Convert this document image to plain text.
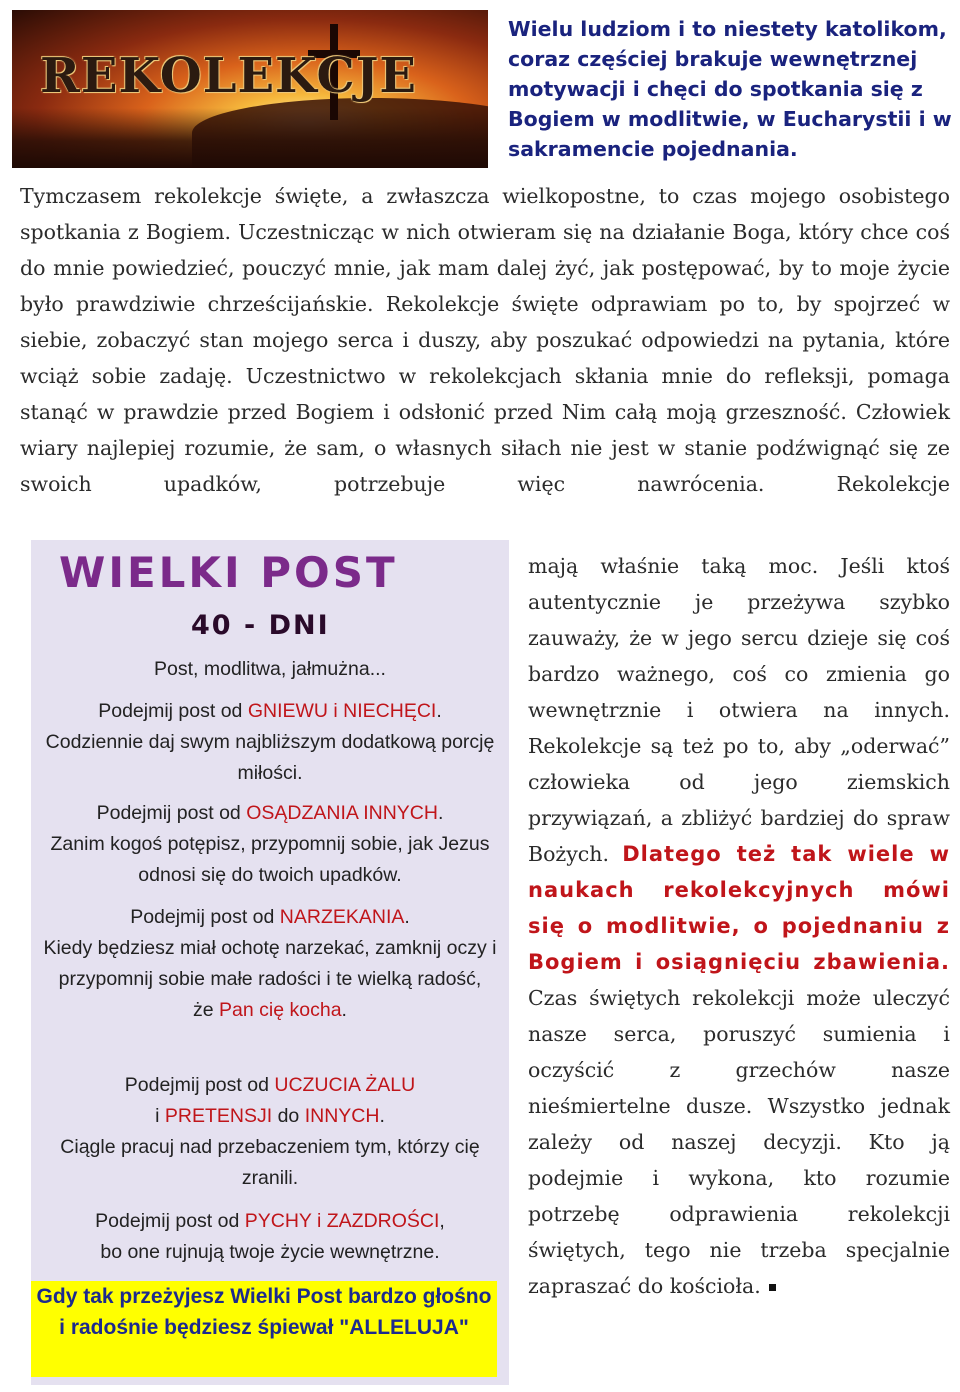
REKOLEKCJE

Wielu ludziom i to niestety katolikom, coraz częściej brakuje wewnętrznej motywacji i chęci do spotkania się z Bogiem w modlitwie, w Eucharystii i w sakramencie pojednania.

Tymczasem rekolekcje święte, a zwłaszcza wielkopostne, to czas mojego osobistego spotkania z Bogiem. Uczestnicząc w nich otwieram się na działanie Boga, który chce coś do mnie powiedzieć, pouczyć mnie, jak mam dalej żyć, jak postępować, by to moje życie było prawdziwie chrześcijańskie. Rekolekcje święte odprawiam po to, by spojrzeć w siebie, zobaczyć stan mojego serca i duszy, aby poszukać odpowiedzi na pytania, które wciąż sobie zadaję. Uczestnictwo w rekolekcjach skłania mnie do refleksji, pomaga stanąć w prawdzie przed Bogiem i odsłonić przed Nim całą moją grzeszność. Człowiek wiary najlepiej rozumie, że sam, o własnych siłach nie jest w stanie podźwignąć się ze swoich upadków, potrzebuje więc nawrócenia. Rekolekcje

WIELKI POST

40 - DNI

Post, modlitwa, jałmużna...

Podejmij post od GNIEWU i NIECHĘCI.
Codziennie daj swym najbliższym dodatkową porcję miłości.
Podejmij post od OSĄDZANIA INNYCH.
Zanim kogoś potępisz, przypomnij sobie, jak Jezus odnosi się do twoich upadków.
Podejmij post od NARZEKANIA.
Kiedy będziesz miał ochotę narzekać, zamknij oczy i przypomnij sobie małe radości i te wielką radość,
że Pan cię kocha.
Podejmij post od UCZUCIA ŻALU
i PRETENSJI do INNYCH.
Ciągle pracuj nad przebaczeniem tym, którzy cię zranili.
Podejmij post od PYCHY i ZAZDROŚCI,
bo one rujnują twoje życie wewnętrzne.
Gdy tak przeżyjesz Wielki Post bardzo głośno i radośnie będziesz śpiewał "ALLELUJA"
mają właśnie taką moc. Jeśli ktoś autentycznie je przeżywa szybko zauważy, że w jego sercu dzieje się coś bardzo ważnego, coś co zmienia go wewnętrznie i otwiera na innych. Rekolekcje są też po to, aby „oderwać” człowieka od jego ziemskich przywiązań, a zbliżyć bardziej do spraw Bożych. Dlatego też tak wiele w naukach rekolekcyjnych mówi się o modlitwie, o pojednaniu z Bogiem i osiągnięciu zbawienia. Czas świętych rekolekcji może uleczyć nasze serca, poruszyć sumienia i oczyścić z grzechów nasze nieśmiertelne dusze. Wszystko jednak zależy od naszej decyzji. Kto ją podejmie i wykona, kto rozumie potrzebę odprawienia rekolekcji świętych, tego nie trzeba specjalnie zapraszać do kościoła.
